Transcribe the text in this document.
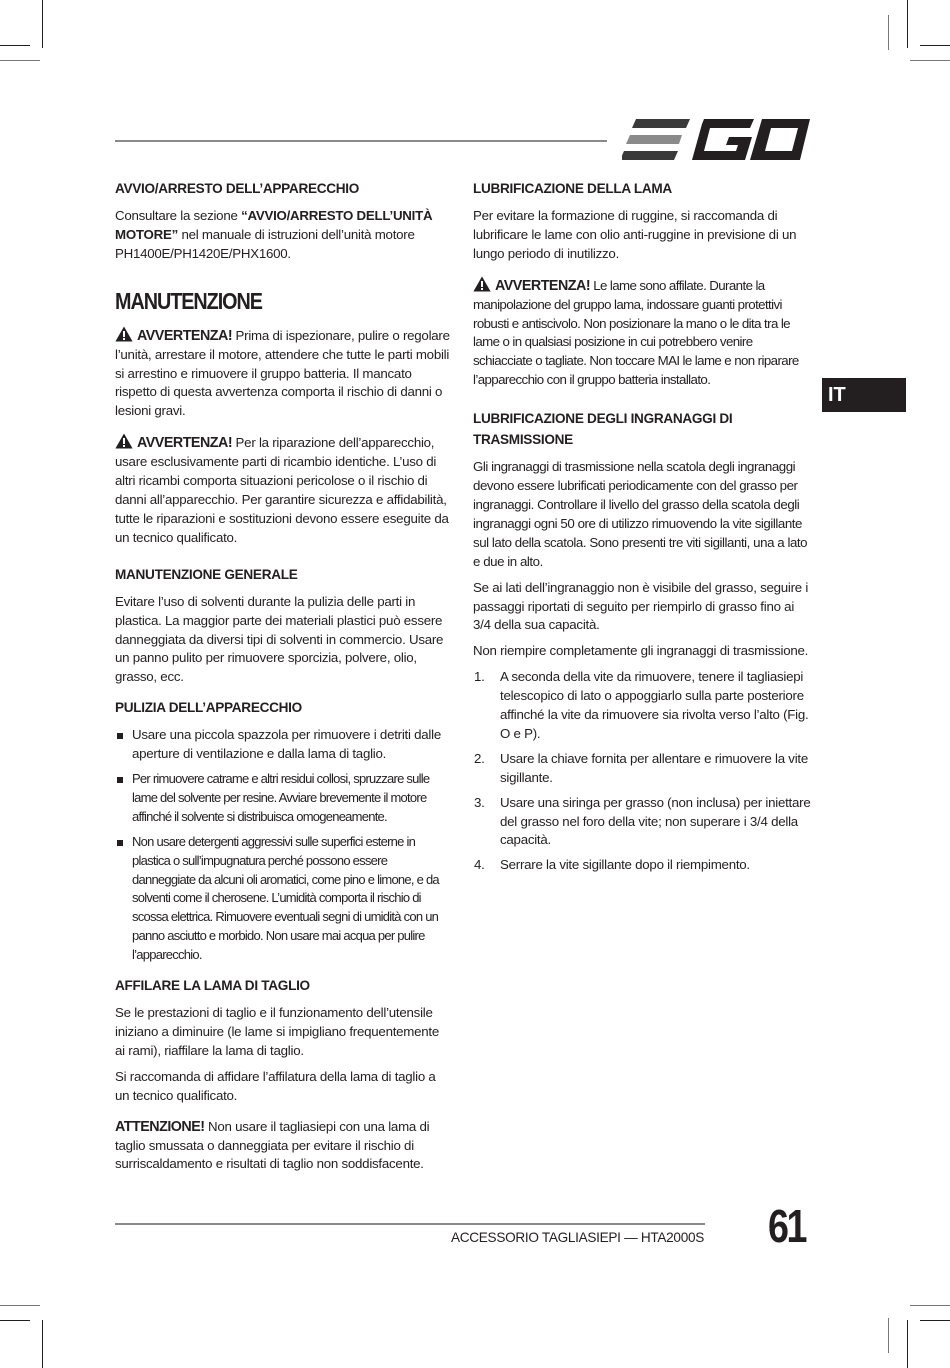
IT
AVVIO/ARRESTO DELL’APPARECCHIO

Consultare la sezione “AVVIO/ARRESTO DELL’UNITÀ MOTORE” nel manuale di istruzioni dell’unità motore PH1400E/PH1420E/PHX1600.

MANUTENZIONE

AVVERTENZA! Prima di ispezionare, pulire o regolare l’unità, arrestare il motore, attendere che tutte le parti mobili si arrestino e rimuovere il gruppo batteria. Il mancato rispetto di questa avvertenza comporta il rischio di danni o lesioni gravi.

AVVERTENZA! Per la riparazione dell’apparecchio, usare esclusivamente parti di ricambio identiche. L’uso di altri ricambi comporta situazioni pericolose o il rischio di danni all’apparecchio. Per garantire sicurezza e affidabilità, tutte le riparazioni e sostituzioni devono essere eseguite da un tecnico qualificato.

MANUTENZIONE GENERALE

Evitare l’uso di solventi durante la pulizia delle parti in plastica. La maggior parte dei materiali plastici può essere danneggiata da diversi tipi di solventi in commercio. Usare un panno pulito per rimuovere sporcizia, polvere, olio, grasso, ecc.

PULIZIA DELL’APPARECCHIO
Usare una piccola spazzola per rimuovere i detriti dalle aperture di ventilazione e dalla lama di taglio.
Per rimuovere catrame e altri residui collosi, spruzzare sulle lame del solvente per resine. Avviare brevemente il motore affinché il solvente si distribuisca omogeneamente.
Non usare detergenti aggressivi sulle superfici esterne in plastica o sull’impugnatura perché possono essere danneggiate da alcuni oli aromatici, come pino e limone, e da solventi come il cherosene. L’umidità comporta il rischio di scossa elettrica. Rimuovere eventuali segni di umidità con un panno asciutto e morbido. Non usare mai acqua per pulire l’apparecchio.
AFFILARE LA LAMA DI TAGLIO

Se le prestazioni di taglio e il funzionamento dell’utensile iniziano a diminuire (le lame si impigliano frequentemente ai rami), riaffilare la lama di taglio.

Si raccomanda di affidare l’affilatura della lama di taglio a un tecnico qualificato.

ATTENZIONE! Non usare il tagliasiepi con una lama di taglio smussata o danneggiata per evitare il rischio di surriscaldamento e risultati di taglio non soddisfacente.

LUBRIFICAZIONE DELLA LAMA

Per evitare la formazione di ruggine, si raccomanda di lubrificare le lame con olio anti-ruggine in previsione di un lungo periodo di inutilizzo.

AVVERTENZA! Le lame sono affilate. Durante la manipolazione del gruppo lama, indossare guanti protettivi robusti e antiscivolo. Non posizionare la mano o le dita tra le lame o in qualsiasi posizione in cui potrebbero venire schiacciate o tagliate. Non toccare MAI le lame e non riparare l’apparecchio con il gruppo batteria installato.

LUBRIFICAZIONE DEGLI INGRANAGGI DI TRASMISSIONE

Gli ingranaggi di trasmissione nella scatola degli ingranaggi devono essere lubrificati periodicamente con del grasso per ingranaggi. Controllare il livello del grasso della scatola degli ingranaggi ogni 50 ore di utilizzo rimuovendo la vite sigillante sul lato della scatola. Sono presenti tre viti sigillanti, una a lato e due in alto.

Se ai lati dell’ingranaggio non è visibile del grasso, seguire i passaggi riportati di seguito per riempirlo di grasso fino ai 3/4 della sua capacità.

Non riempire completamente gli ingranaggi di trasmissione.

1. A seconda della vite da rimuovere, tenere il tagliasiepi telescopico di lato o appoggiarlo sulla parte posteriore affinché la vite da rimuovere sia rivolta verso l’alto (Fig. O e P).
2. Usare la chiave fornita per allentare e rimuovere la vite sigillante.
3. Usare una siringa per grasso (non inclusa) per iniettare del grasso nel foro della vite; non superare i 3/4 della capacità.
4. Serrare la vite sigillante dopo il riempimento.
ACCESSORIO TAGLIASIEPI — HTA2000S 61
